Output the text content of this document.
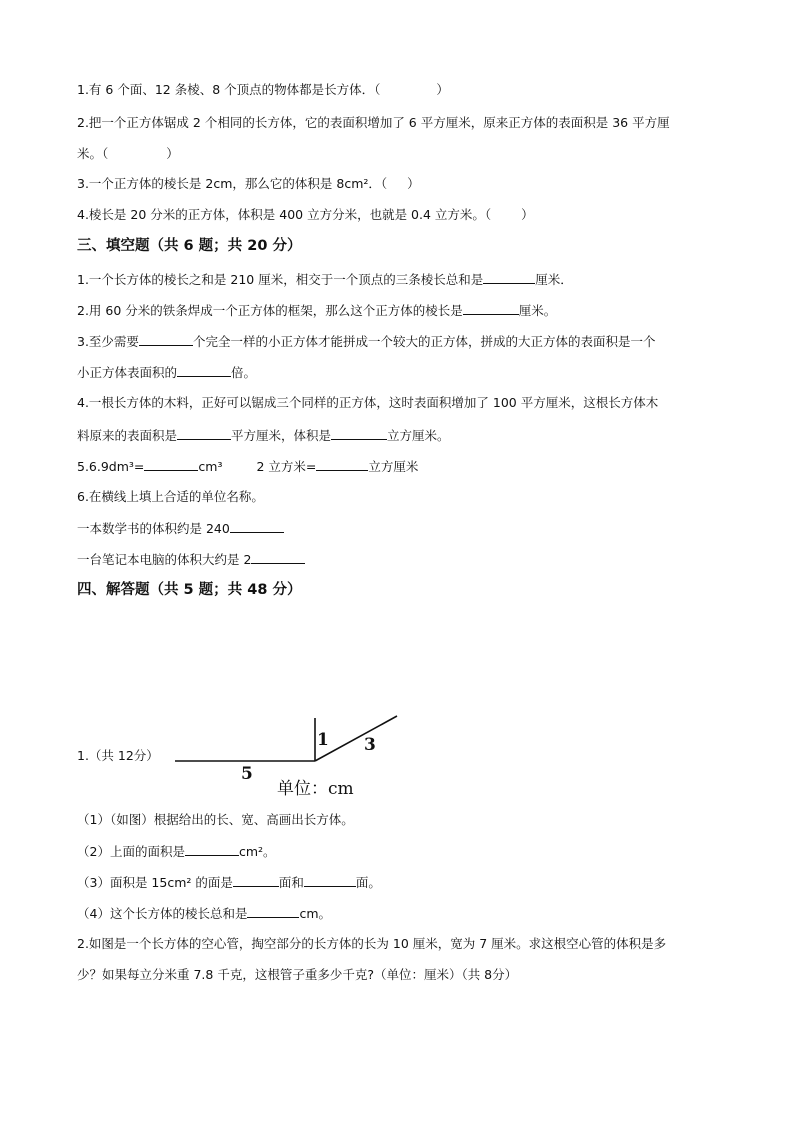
1.有 6 个面、12 条棱、8 个顶点的物体都是长方体．（	）
2.把一个正方体锯成 2 个相同的长方体，它的表面积增加了 6 平方厘米，原来正方体的表面积是 36 平方厘
米。（	）
3.一个正方体的棱长是 2cm，那么它的体积是 8cm²．（ ）
4.棱长是 20 分米的正方体，体积是 400 立方分米，也就是 0.4 立方米。（ ）
三、填空题（共 6 题；共 20 分）
1.一个长方体的棱长之和是 210 厘米，相交于一个顶点的三条棱长总和是	厘米．
2.用 60 分米的铁条焊成一个正方体的框架，那么这个正方体的棱长是	厘米。
3.至少需要	个完全一样的小正方体才能拼成一个较大的正方体，拼成的大正方体的表面积是一个
小正方体表面积的	倍。
4.一根长方体的木料，正好可以锯成三个同样的正方体，这时表面积增加了 100 平方厘米，这根长方体木
料原来的表面积是	平方厘米，体积是	立方厘米。
5.6.9dm³=	cm³	2 立方米=	立方厘米
6.在横线上填上合适的单位名称。
一本数学书的体积约是 240
一台笔记本电脑的体积大约是 2
四、解答题（共 5 题；共 48 分）
1.（共 12分）
1 3
5
单位：cm
（1）（如图）根据给出的长、宽、高画出长方体。
（2）上面的面积是	cm²。
（3）面积是 15cm² 的面是	面和	面。
（4）这个长方体的棱长总和是	cm。
2.如图是一个长方体的空心管，掏空部分的长方体的长为 10 厘米，宽为 7 厘米。求这根空心管的体积是多
少？如果每立分米重 7.8 千克，这根管子重多少千克?（单位：厘米）（共 8分）
